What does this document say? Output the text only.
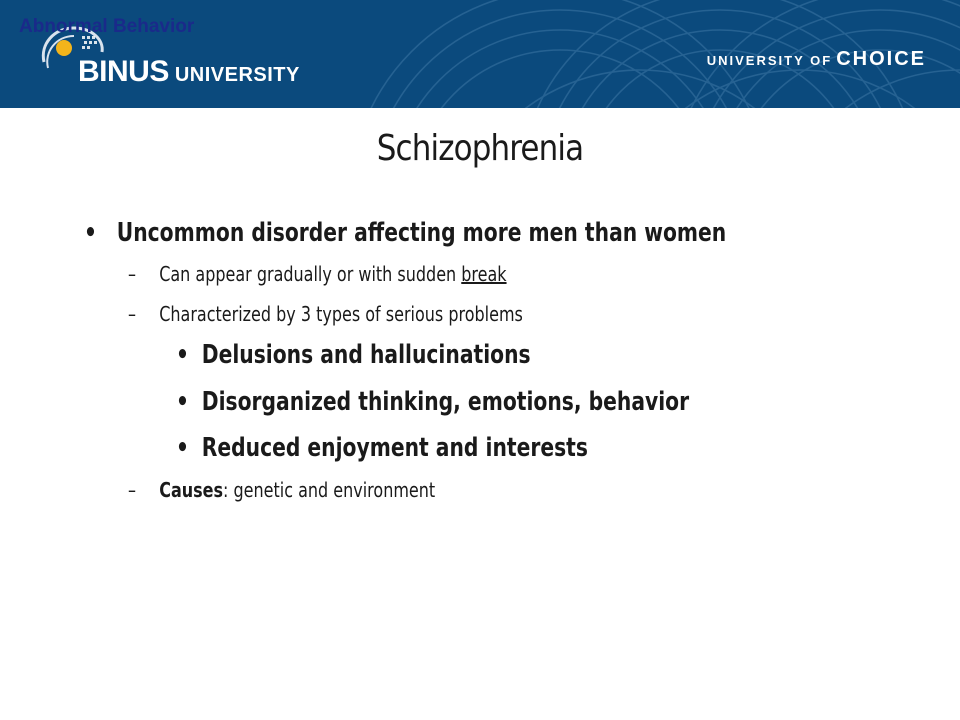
Abnormal Behavior
BINUS UNIVERSITY
UNIVERSITY OF CHOICE
Schizophrenia
• Uncommon disorder affecting more men than women
– Can appear gradually or with sudden break
– Characterized by 3 types of serious problems
• Delusions and hallucinations
• Disorganized thinking, emotions, behavior
• Reduced enjoyment and interests
– Causes: genetic and environment
